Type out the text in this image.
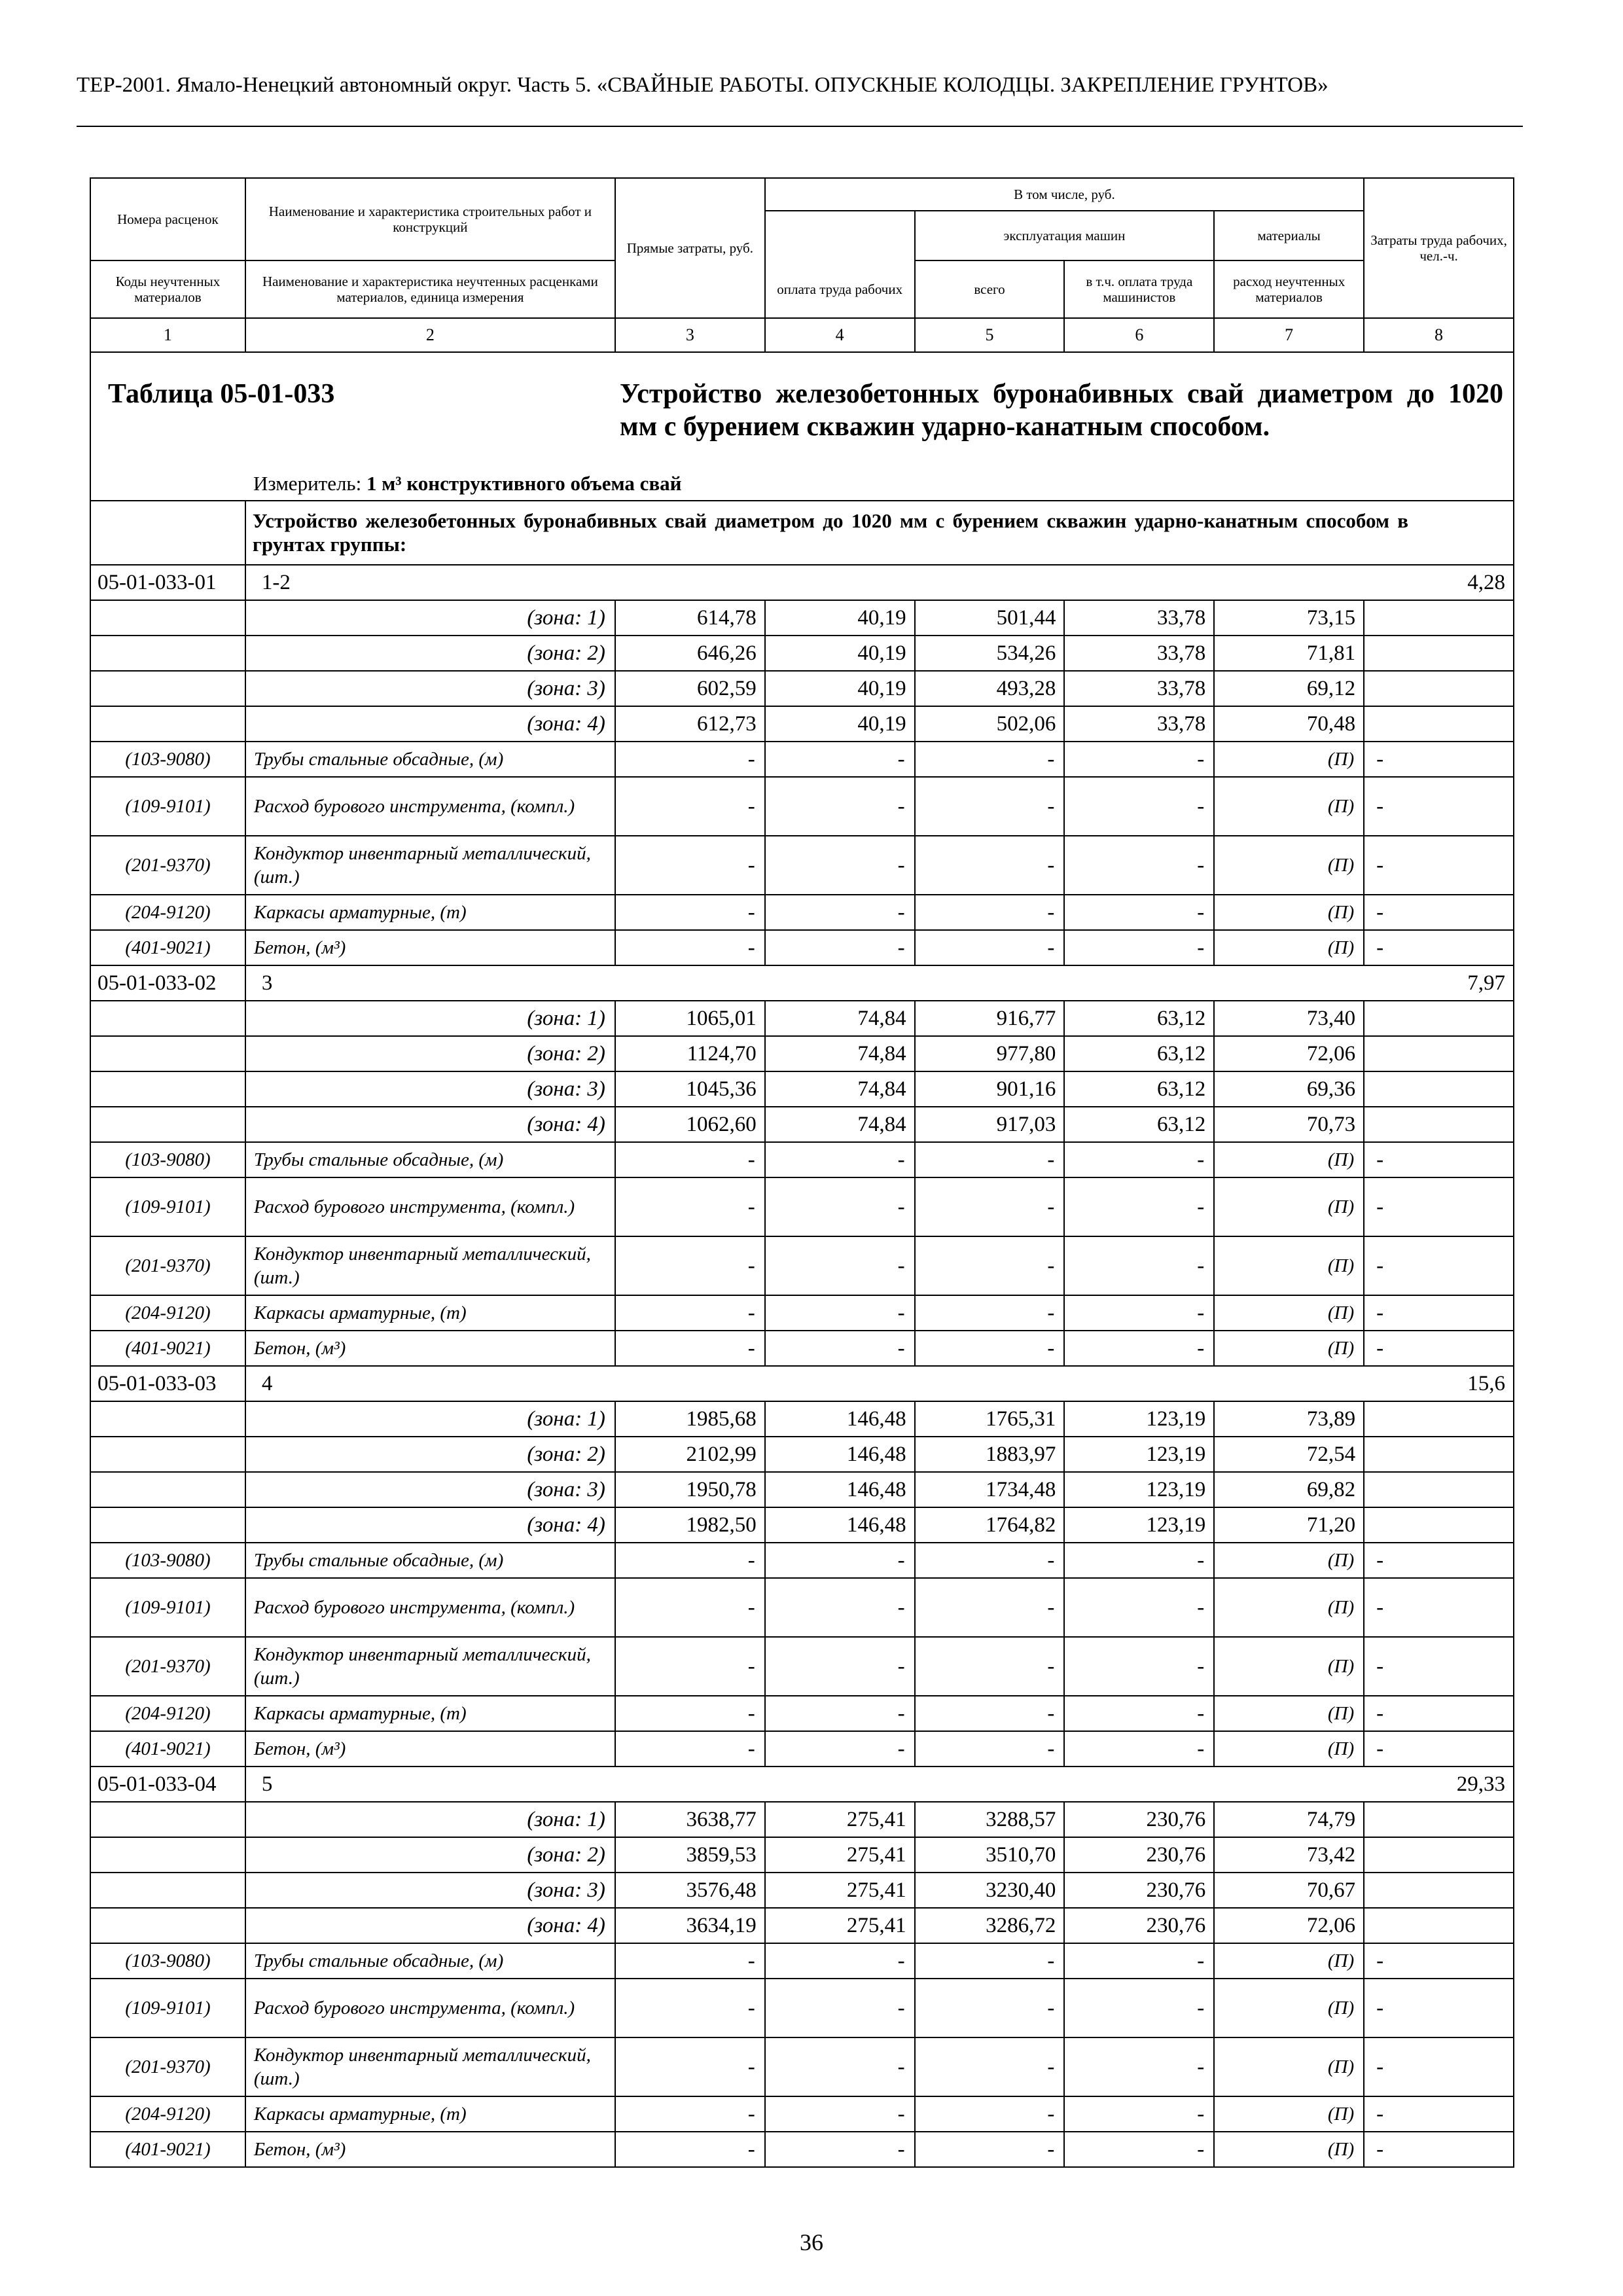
ТЕР-2001. Ямало-Ненецкий автономный округ. Часть 5. «СВАЙНЫЕ РАБОТЫ. ОПУСКНЫЕ КОЛОДЦЫ. ЗАКРЕПЛЕНИЕ ГРУНТОВ»
Номера расценок	Наименование и характеристика строительных работ и конструкций	Прямые затраты, руб.	В том числе, руб.				Затраты труда рабочих, чел.-ч.
				эксплуатация машин		материалы	
Коды неучтенных материалов	Наименование и характеристика неучтенных расценками материалов, единица измерения		оплата труда рабочих	всего	в т.ч. оплата труда машинистов	расход неучтенных материалов	
1	2	3	4	5	6	7	8

Таблица 05-01-033 Устройство железобетонных буронабивных свай диаметром до 1020 мм с бурением скважин ударно-канатным способом.
Измеритель: 1 м³ конструктивного объема свай							

	Устройство железобетонных буронабивных свай диаметром до 1020 мм с бурением скважин ударно-канатным способом в грунтах группы:						
05-01-033-01	1-2						4,28
	(зона: 1)	614,78	40,19	501,44	33,78	73,15	
	(зона: 2)	646,26	40,19	534,26	33,78	71,81	
	(зона: 3)	602,59	40,19	493,28	33,78	69,12	
	(зона: 4)	612,73	40,19	502,06	33,78	70,48	
(103-9080)	Трубы стальные обсадные, (м)	-	-	-	-	(П)	-
(109-9101)	Расход бурового инструмента, (компл.)	-	-	-	-	(П)	-
(201-9370)	Кондуктор инвентарный металлический, (шт.)	-	-	-	-	(П)	-
(204-9120)	Каркасы арматурные, (т)	-	-	-	-	(П)	-
(401-9021)	Бетон, (м³)	-	-	-	-	(П)	-
05-01-033-02	3						7,97
	(зона: 1)	1065,01	74,84	916,77	63,12	73,40	
	(зона: 2)	1124,70	74,84	977,80	63,12	72,06	
	(зона: 3)	1045,36	74,84	901,16	63,12	69,36	
	(зона: 4)	1062,60	74,84	917,03	63,12	70,73	
(103-9080)	Трубы стальные обсадные, (м)	-	-	-	-	(П)	-
(109-9101)	Расход бурового инструмента, (компл.)	-	-	-	-	(П)	-
(201-9370)	Кондуктор инвентарный металлический, (шт.)	-	-	-	-	(П)	-
(204-9120)	Каркасы арматурные, (т)	-	-	-	-	(П)	-
(401-9021)	Бетон, (м³)	-	-	-	-	(П)	-
05-01-033-03	4						15,6
	(зона: 1)	1985,68	146,48	1765,31	123,19	73,89	
	(зона: 2)	2102,99	146,48	1883,97	123,19	72,54	
	(зона: 3)	1950,78	146,48	1734,48	123,19	69,82	
	(зона: 4)	1982,50	146,48	1764,82	123,19	71,20	
(103-9080)	Трубы стальные обсадные, (м)	-	-	-	-	(П)	-
(109-9101)	Расход бурового инструмента, (компл.)	-	-	-	-	(П)	-
(201-9370)	Кондуктор инвентарный металлический, (шт.)	-	-	-	-	(П)	-
(204-9120)	Каркасы арматурные, (т)	-	-	-	-	(П)	-
(401-9021)	Бетон, (м³)	-	-	-	-	(П)	-
05-01-033-04	5						29,33
	(зона: 1)	3638,77	275,41	3288,57	230,76	74,79	
	(зона: 2)	3859,53	275,41	3510,70	230,76	73,42	
	(зона: 3)	3576,48	275,41	3230,40	230,76	70,67	
	(зона: 4)	3634,19	275,41	3286,72	230,76	72,06	
(103-9080)	Трубы стальные обсадные, (м)	-	-	-	-	(П)	-
(109-9101)	Расход бурового инструмента, (компл.)	-	-	-	-	(П)	-
(201-9370)	Кондуктор инвентарный металлический, (шт.)	-	-	-	-	(П)	-
(204-9120)	Каркасы арматурные, (т)	-	-	-	-	(П)	-
(401-9021)	Бетон, (м³)	-	-	-	-	(П)	-
36
